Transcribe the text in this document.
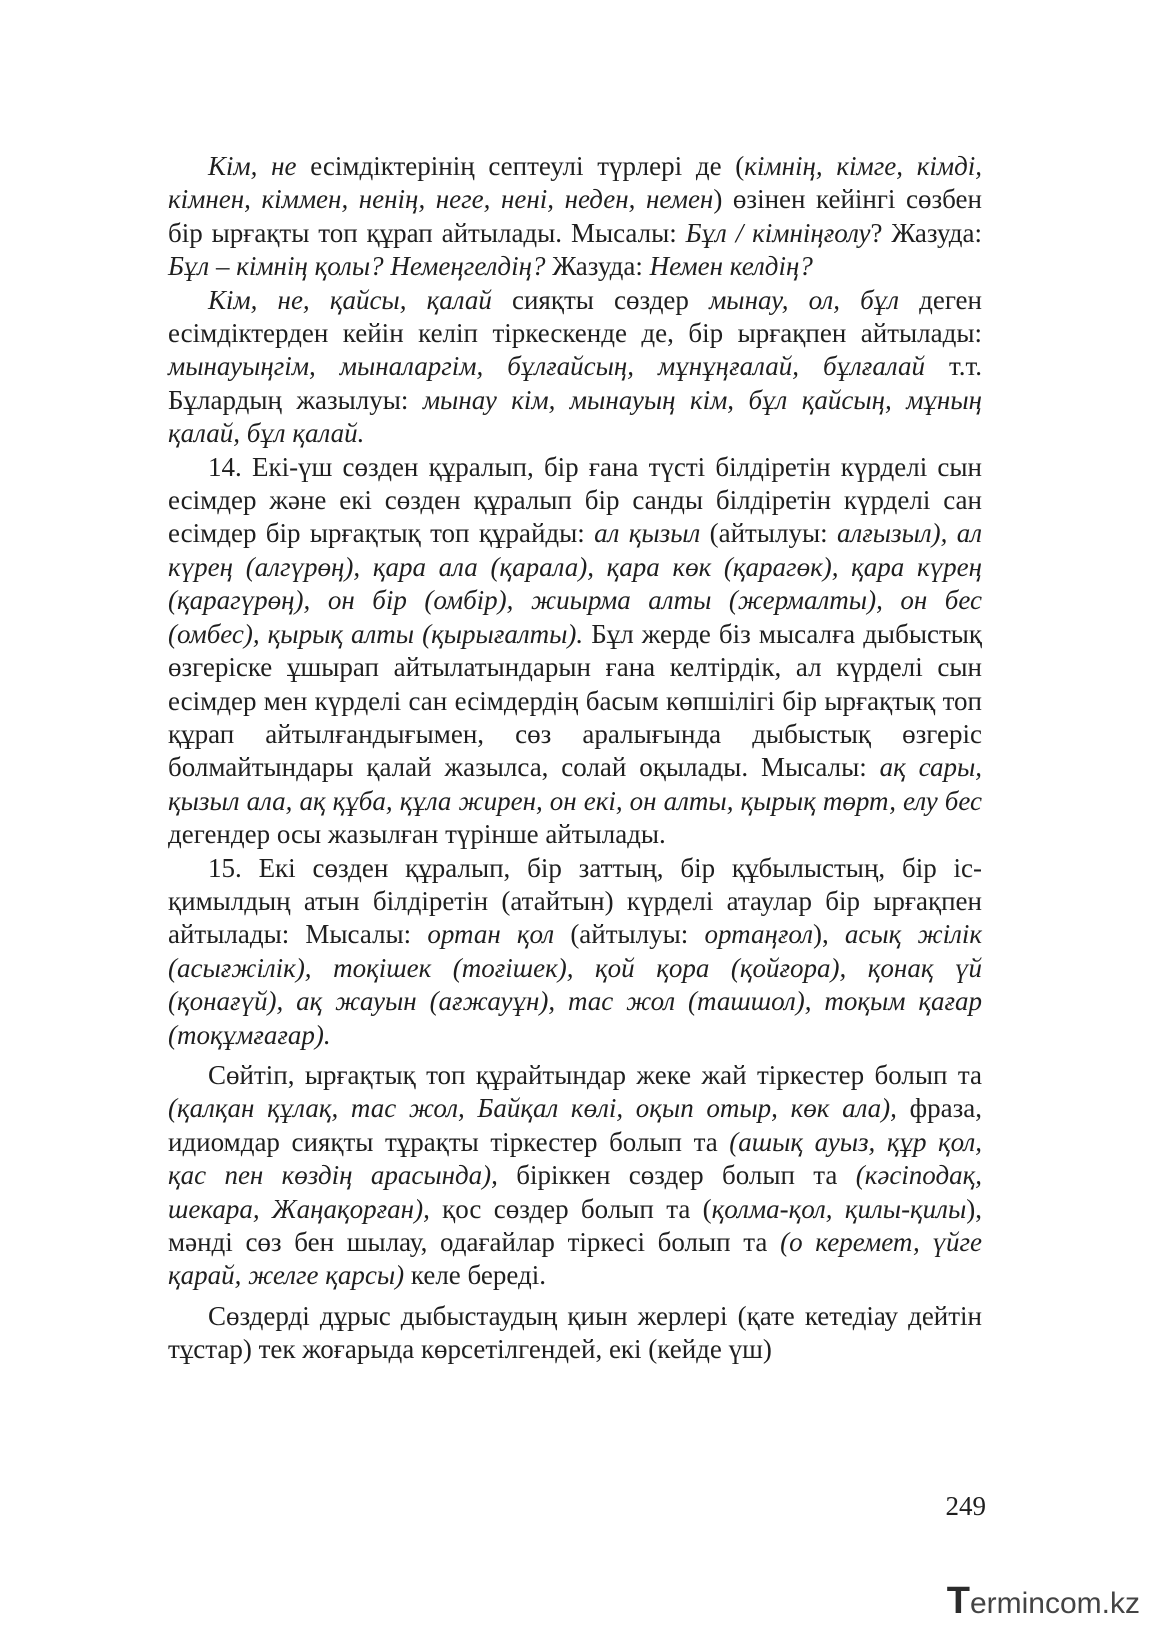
Кім, не есімдіктерінің септеулі түрлері де (кімнің, кімге, кімді, кімнен, кіммен, ненің, неге, нені, неден, немен) өзінен кейінгі сөзбен бір ырғақты топ құрап айтылады. Мысалы: Бұл / кімніңғолу? Жазуда: Бұл – кімнің қолы? Немеңгелдің? Жазуда: Немен келдің?

Кім, не, қайсы, қалай сияқты сөздер мынау, ол, бұл деген есімдіктерден кейін келіп тіркескенде де, бір ырғақпен айтылады: мынауыңгім, мыналаргім, бұлғайсың, мұнұңғалай, бұлғалай т.т. Бұлардың жазылуы: мынау кім, мынауың кім, бұл қайсың, мұның қалай, бұл қалай.

14. Екі-үш сөзден құралып, бір ғана түсті білдіретін күрделі сын есімдер және екі сөзден құралып бір санды білдіретін күрделі сан есімдер бір ырғақтық топ құрайды: ал қызыл (айтылуы: алғызыл), ал күрең (алгүрөң), қара ала (қарала), қара көк (қарагөк), қара күрең (қарагүрөң), он бір (омбір), жиырма алты (жермалты), он бес (омбес), қырық алты (қырығалты). Бұл жерде біз мысалға дыбыстық өзгеріске ұшырап айтылатындарын ғана келтірдік, ал күрделі сын есімдер мен күрделі сан есімдердің басым көпшілігі бір ырғақтық топ құрап айтылғандығымен, сөз аралығында дыбыстық өзгеріс болмайтындары қалай жазылса, солай оқылады. Мысалы: ақ сары, қызыл ала, ақ құба, құла жирен, он екі, он алты, қырық төрт, елу бес дегендер осы жазылған түрінше айтылады.

15. Екі сөзден құралып, бір заттың, бір құбылыстың, бір іс-қимылдың атын білдіретін (атайтын) күрделі атаулар бір ырғақпен айтылады: Мысалы: ортан қол (айтылуы: ортаңғол), асық жілік (асығжілік), тоқішек (тоғішек), қой қора (қойғора), қонақ үй (қонағүй), ақ жауын (ағжауұн), тас жол (ташшол), тоқым қағар (тоқұмғағар).

Сөйтіп, ырғақтық топ құрайтындар жеке жай тіркестер болып та (қалқан құлақ, тас жол, Байқал көлі, оқып отыр, көк ала), фраза, идиомдар сияқты тұрақты тіркестер болып та (ашық ауыз, құр қол, қас пен көздің арасында), біріккен сөздер болып та (кәсіподақ, шекара, Жаңақорған), қос сөздер болып та (қолма-қол, қилы-қилы), мәнді сөз бен шылау, одағайлар тіркесі болып та (о керемет, үйге қарай, желге қарсы) келе береді.

Сөздерді дұрыс дыбыстаудың қиын жерлері (қате кетедіау дейтін тұстар) тек жоғарыда көрсетілгендей, екі (кейде үш)

249
T ermincom.kz
